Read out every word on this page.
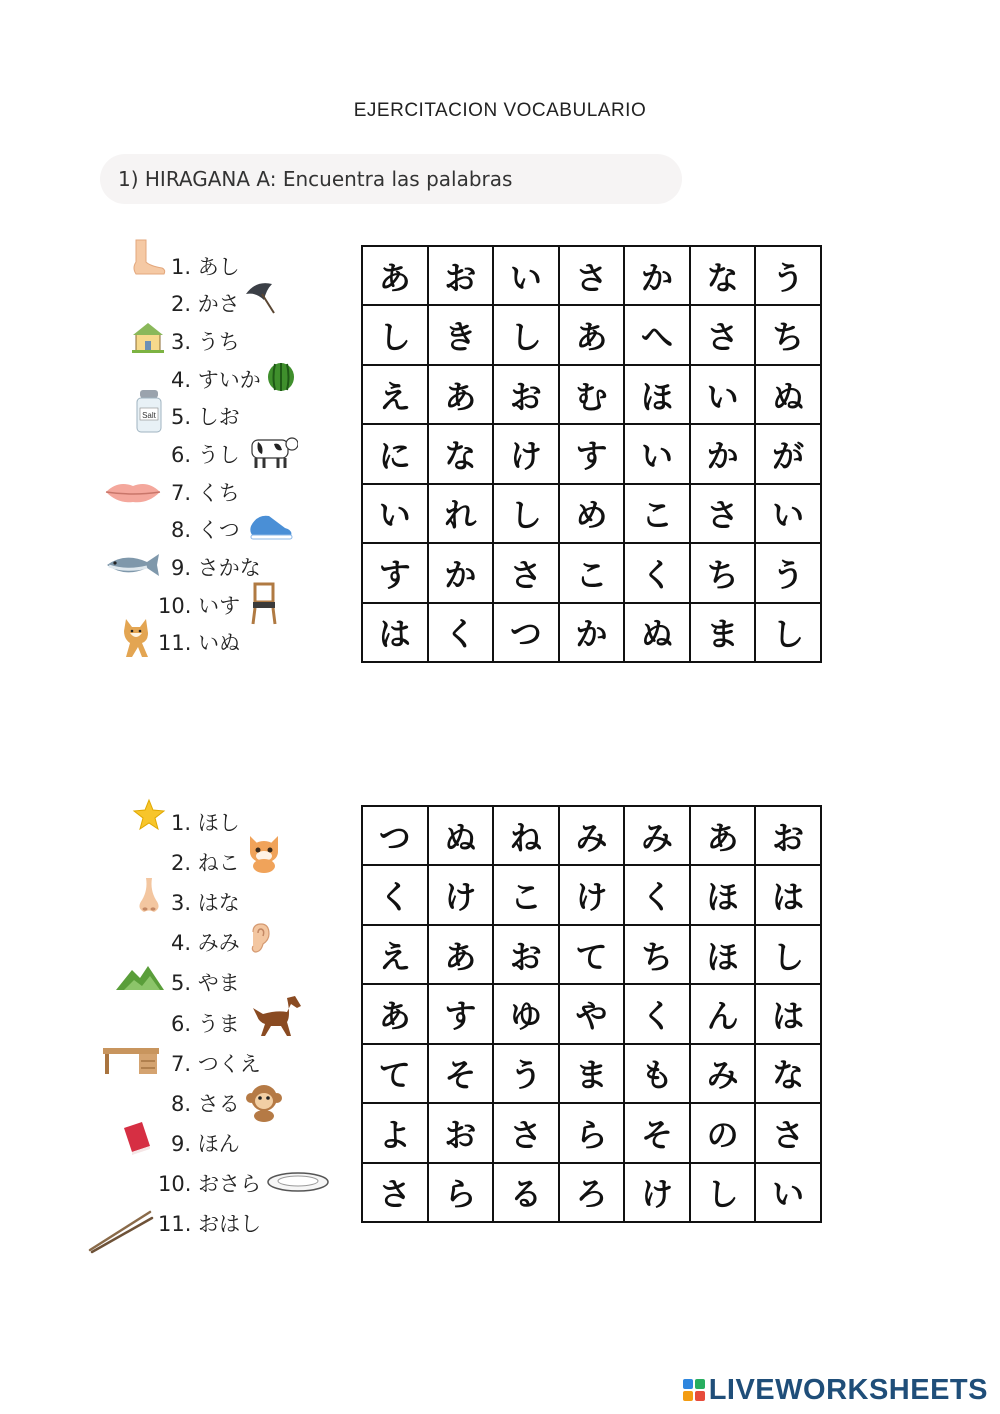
EJERCITACION VOCABULARIO
1) HIRAGANA A: Encuentra las palabras
1. あし
2. かさ
3. うち
4. すいか
5. しお
6. うし
7. くち
8. くつ
9. さかな
10. いす
11. いぬ
Salt
あ	お	い	さ	か	な	う
し	き	し	あ	へ	さ	ち
え	あ	お	む	ほ	い	ぬ
に	な	け	す	い	か	が
い	れ	し	め	こ	さ	い
す	か	さ	こ	く	ち	う
は	く	つ	か	ぬ	ま	し
1. ほし
2. ねこ
3. はな
4. みみ
5. やま
6. うま
7. つくえ
8. さる
9. ほん
10. おさら
11. おはし
つ	ぬ	ね	み	み	あ	お
く	け	こ	け	く	ほ	は
え	あ	お	て	ち	ほ	し
あ	す	ゆ	や	く	ん	は
て	そ	う	ま	も	み	な
よ	お	さ	ら	そ	の	さ
さ	ら	る	ろ	け	し	い
LIVEWORKSHEETS
